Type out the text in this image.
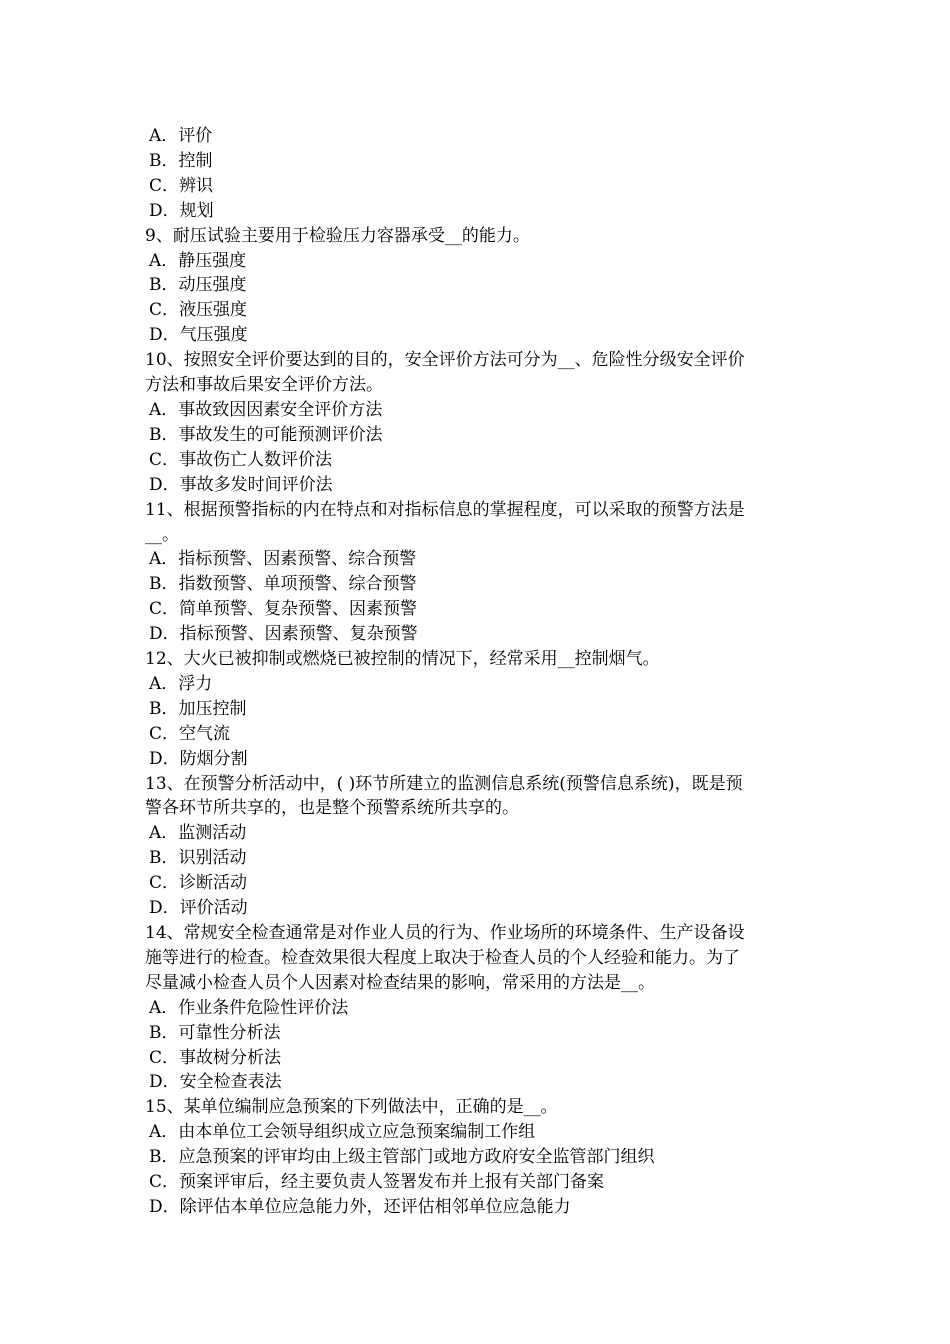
A．评价
B．控制
C．辨识
D．规划
9、耐压试验主要用于检验压力容器承受__的能力。
A．静压强度
B．动压强度
C．液压强度
D．气压强度
10、按照安全评价要达到的目的，安全评价方法可分为__、危险性分级安全评价
方法和事故后果安全评价方法。
A．事故致因因素安全评价方法
B．事故发生的可能预测评价法
C．事故伤亡人数评价法
D．事故多发时间评价法
11、根据预警指标的内在特点和对指标信息的掌握程度，可以采取的预警方法是
__。
A．指标预警、因素预警、综合预警
B．指数预警、单项预警、综合预警
C．简单预警、复杂预警、因素预警
D．指标预警、因素预警、复杂预警
12、大火已被抑制或燃烧已被控制的情况下，经常采用__控制烟气。
A．浮力
B．加压控制
C．空气流
D．防烟分割
13、在预警分析活动中，( )环节所建立的监测信息系统(预警信息系统)，既是预
警各环节所共享的，也是整个预警系统所共享的。
A．监测活动
B．识别活动
C．诊断活动
D．评价活动
14、常规安全检查通常是对作业人员的行为、作业场所的环境条件、生产设备设
施等进行的检查。检查效果很大程度上取决于检查人员的个人经验和能力。为了
尽量减小检查人员个人因素对检查结果的影响，常采用的方法是__。
A．作业条件危险性评价法
B．可靠性分析法
C．事故树分析法
D．安全检查表法
15、某单位编制应急预案的下列做法中，正确的是__。
A．由本单位工会领导组织成立应急预案编制工作组
B．应急预案的评审均由上级主管部门或地方政府安全监管部门组织
C．预案评审后，经主要负责人签署发布并上报有关部门备案
D．除评估本单位应急能力外，还评估相邻单位应急能力
